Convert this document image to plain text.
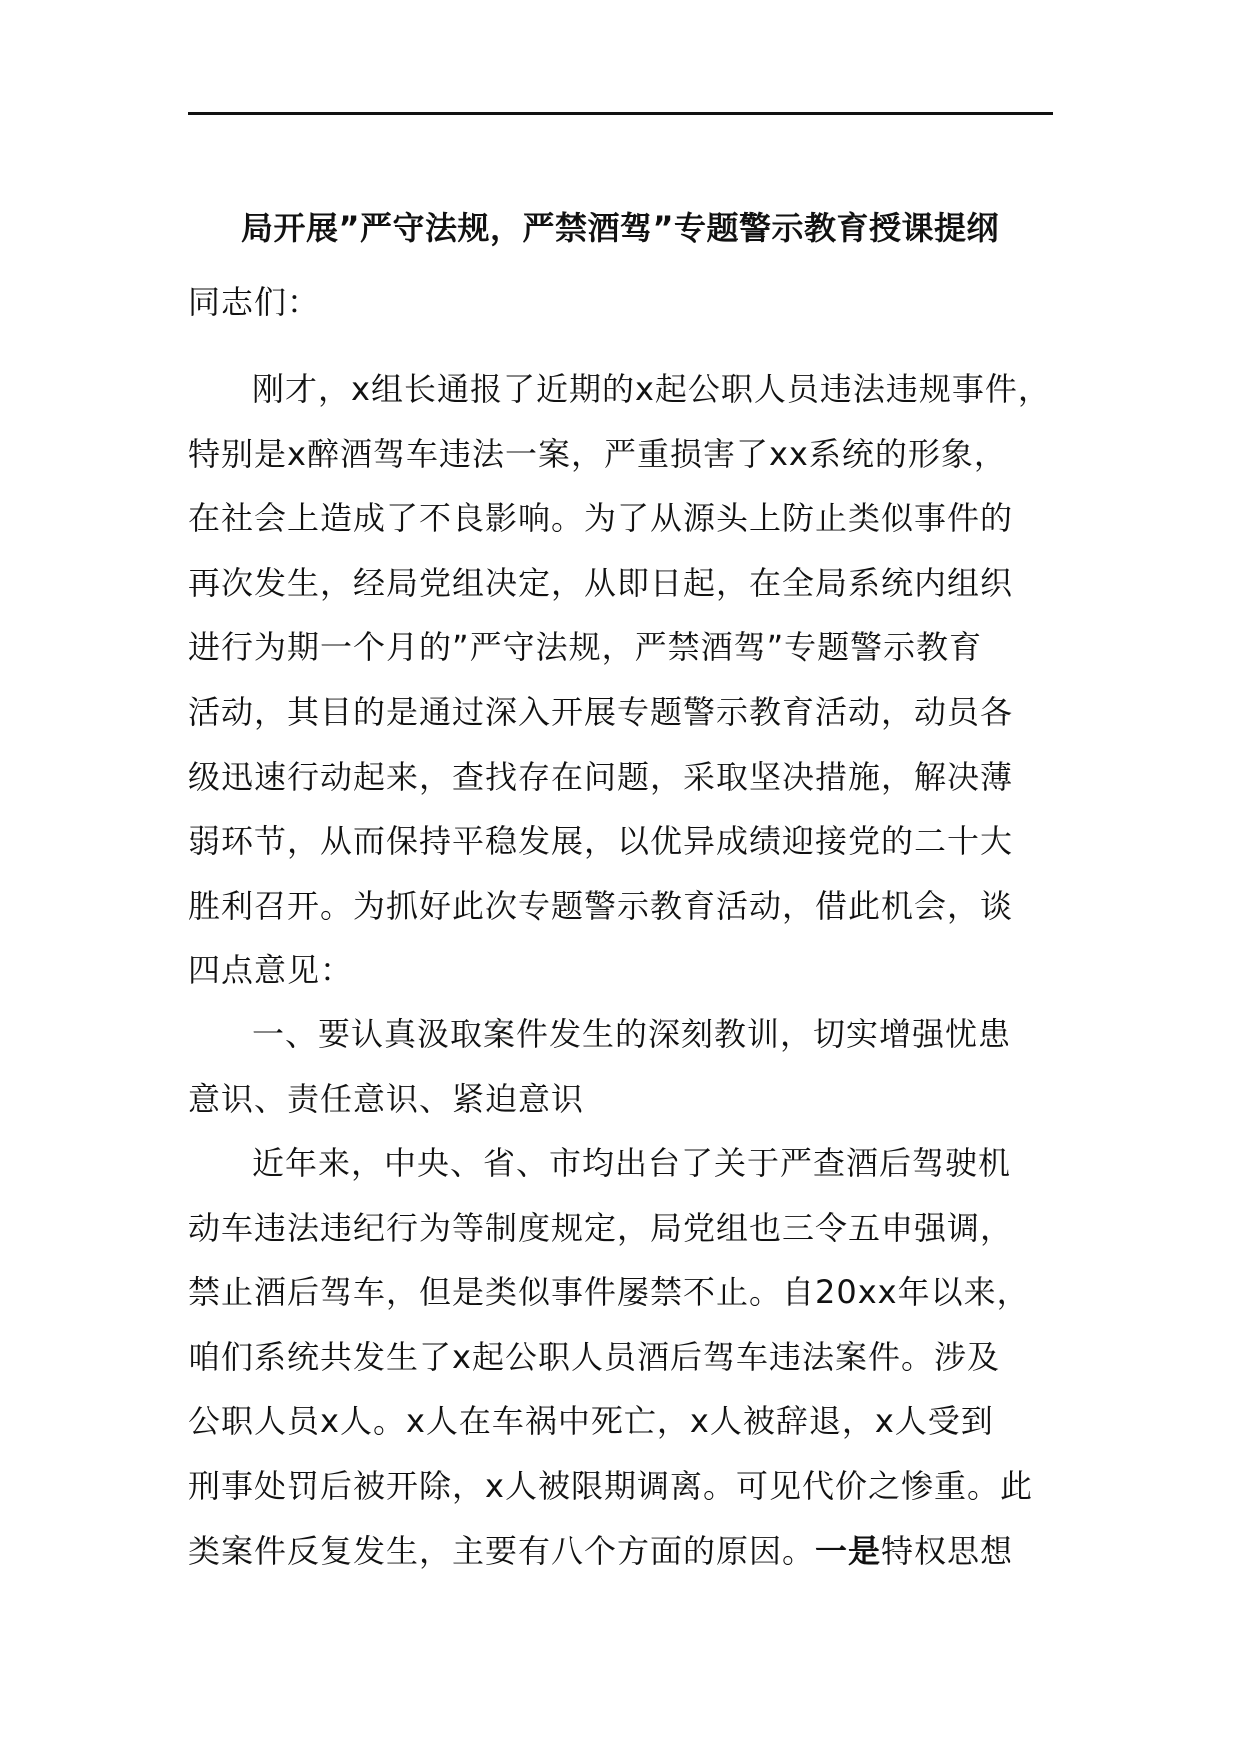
局开展”严守法规，严禁酒驾”专题警示教育授课提纲
同志们：
刚才，x组长通报了近期的x起公职人员违法违规事件，
特别是x醉酒驾车违法一案，严重损害了xx系统的形象，
在社会上造成了不良影响。为了从源头上防止类似事件的
再次发生，经局党组决定，从即日起，在全局系统内组织
进行为期一个月的”严守法规，严禁酒驾”专题警示教育
活动，其目的是通过深入开展专题警示教育活动，动员各
级迅速行动起来，查找存在问题，采取坚决措施，解决薄
弱环节，从而保持平稳发展，以优异成绩迎接党的二十大
胜利召开。为抓好此次专题警示教育活动，借此机会，谈
四点意见：
一、要认真汲取案件发生的深刻教训，切实增强忧患
意识、责任意识、紧迫意识
近年来，中央、省、市均出台了关于严查酒后驾驶机
动车违法违纪行为等制度规定，局党组也三令五申强调，
禁止酒后驾车，但是类似事件屡禁不止。自20xx年以来，
咱们系统共发生了x起公职人员酒后驾车违法案件。涉及
公职人员x人。x人在车祸中死亡，x人被辞退，x人受到
刑事处罚后被开除，x人被限期调离。可见代价之惨重。此
类案件反复发生，主要有八个方面的原因。一是特权思想
